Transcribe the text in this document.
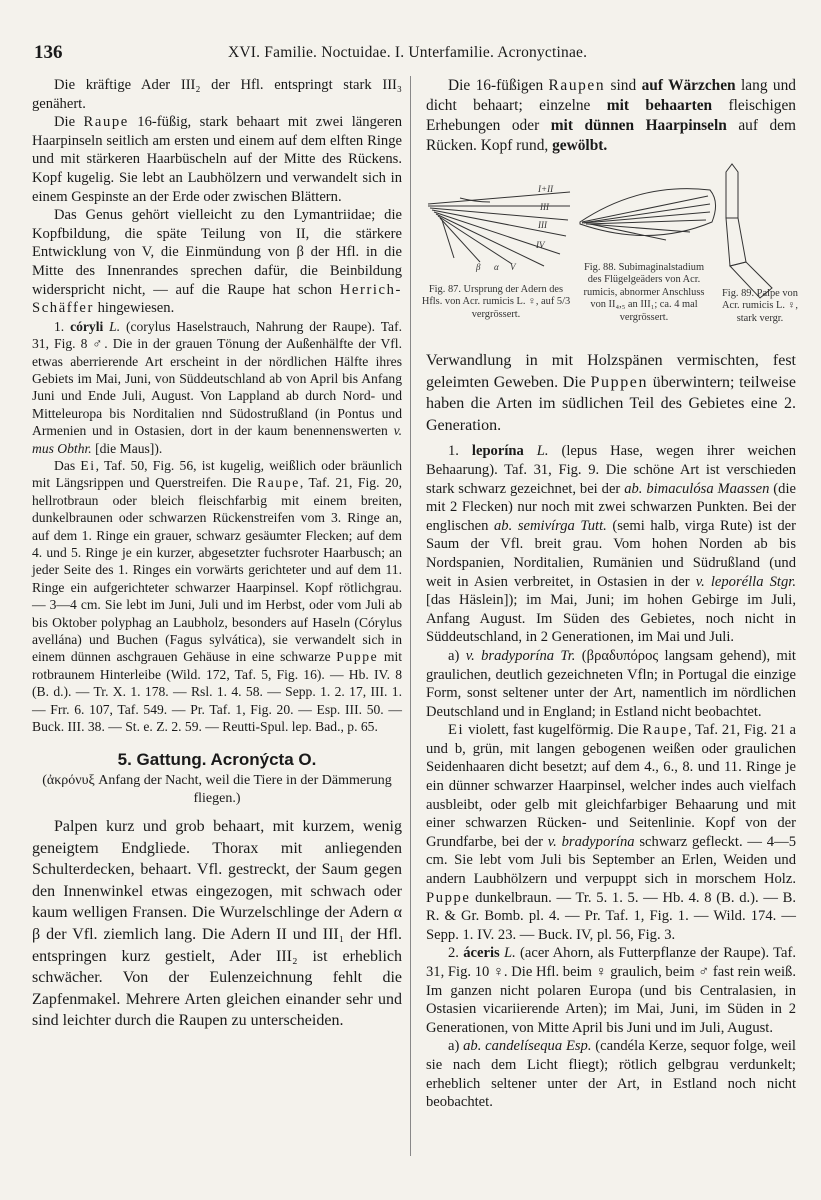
136	XVI. Familie. Noctuidae. I. Unterfamilie. Acronyctinae.

Die kräftige Ader III₂ der Hfl. entspringt stark III₃ genähert.

Die Raupe 16-füßig, stark behaart mit zwei längeren Haarpinseln seitlich am ersten und einem auf dem elften Ringe und mit stärkeren Haarbüscheln auf der Mitte des Rückens. Kopf kugelig. Sie lebt an Laubhölzern und verwandelt sich in einem Gespinste an der Erde oder zwischen Blättern.

Das Genus gehört vielleicht zu den Lymantriidae; die Kopfbildung, die späte Teilung von II, die stärkere Entwicklung von V, die Einmündung von β der Hfl. in die Mitte des Innenrandes sprechen dafür, die Beinbildung widerspricht nicht, — auf die Raupe hat schon Herrich-Schäffer hingewiesen.

1. córyli L. (corylus Haselstrauch, Nahrung der Raupe). Taf. 31, Fig. 8 ♂. Die in der grauen Tönung der Außenhälfte der Vfl. etwas aberrierende Art erscheint in der nördlichen Hälfte ihres Gebiets im Mai, Juni, von Süddeutschland ab von April bis Anfang Juni und Ende Juli, August. Von Lappland ab durch Nord- und Mitteleuropa bis Norditalien nnd Südostrußland (in Pontus und Armenien und in Ostasien, dort in der kaum benennenswerten v. mus Obthr. [die Maus]).

Das Ei, Taf. 50, Fig. 56, ist kugelig, weißlich oder bräunlich mit Längsrippen und Querstreifen. Die Raupe, Taf. 21, Fig. 20, hellrotbraun oder bleich fleischfarbig mit einem breiten, dunkelbraunen oder schwarzen Rückenstreifen vom 3. Ringe an, auf dem 1. Ringe ein grauer, schwarz gesäumter Flecken; auf dem 4. und 5. Ringe je ein kurzer, abgesetzter fuchsroter Haarbusch; an jeder Seite des 1. Ringes ein vorwärts gerichteter und auf dem 11. Ringe ein aufgerichteter schwarzer Haarpinsel. Kopf rötlichgrau. — 3—4 cm. Sie lebt im Juni, Juli und im Herbst, oder vom Juli ab bis Oktober polyphag an Laubholz, besonders auf Haseln (Córylus avellána) und Buchen (Fagus sylvática), sie verwandelt sich in einem dünnen aschgrauen Gehäuse in eine schwarze Puppe mit rotbraunem Hinterleibe (Wild. 172, Taf. 5, Fig. 16). — Hb. IV. 8 (B. d.). — Tr. X. 1. 178. — Rsl. 1. 4. 58. — Sepp. 1. 2. 17, III. 1. — Frr. 6. 107, Taf. 549. — Pr. Taf. 1, Fig. 20. — Esp. III. 50. — Buck. III. 38. — St. e. Z. 2. 59. — Reutti-Spul. lep. Bad., p. 65.

5. Gattung. Acronýcta O.
(ἀκρόνυξ Anfang der Nacht, weil die Tiere in der Dämmerung fliegen.)

Palpen kurz und grob behaart, mit kurzem, wenig geneigtem Endgliede. Thorax mit anliegenden Schulterdecken, behaart. Vfl. gestreckt, der Saum gegen den Innenwinkel etwas eingezogen, mit schwach oder kaum welligen Fransen. Die Wurzelschlinge der Adern α β der Vfl. ziemlich lang. Die Adern II und III₁ der Hfl. entspringen kurz gestielt, Ader III₂ ist erheblich schwächer. Von der Eulenzeichnung fehlt die Zapfenmakel. Mehrere Arten gleichen einander sehr und sind leichter durch die Raupen zu unterscheiden.

Die 16-füßigen Raupen sind auf Wärzchen lang und dicht behaart; einzelne mit behaarten fleischigen Erhebungen oder mit dünnen Haarpinseln auf dem Rücken. Kopf rund, gewölbt.

I+II
III
III
IV
β α V
Fig. 87. Ursprung der Adern des Hfls. von Acr. rumicis L. ♀, auf 5/3 vergrössert.
Fig. 88. Subimaginalstadium des Flügelgeäders von Acr. rumicis, abnormer Anschluss von II₄,₅ an III₁; ca. 4 mal vergrössert.
Fig. 89. Palpe von Acr. rumicis L. ♀, stark vergr.

Verwandlung in mit Holzspänen vermischten, fest geleimten Geweben. Die Puppen überwintern; teilweise haben die Arten im südlichen Teil des Gebietes eine 2. Generation.

1. leporína L. (lepus Hase, wegen ihrer weichen Behaarung). Taf. 31, Fig. 9. Die schöne Art ist verschieden stark schwarz gezeichnet, bei der ab. bimaculósa Maassen (die mit 2 Flecken) nur noch mit zwei schwarzen Punkten. Bei der englischen ab. semivírga Tutt. (semi halb, virga Rute) ist der Saum der Vfl. breit grau. Vom hohen Norden ab bis Nordspanien, Norditalien, Rumänien und Südrußland (und weit in Asien verbreitet, in Ostasien in der v. leporélla Stgr. [das Häslein]); im Mai, Juni; im hohen Gebirge im Juli, Anfang August. Im Süden des Gebietes, noch nicht in Süddeutschland, in 2 Generationen, im Mai und Juli.

a) v. bradyporína Tr. (βραδυπόρος langsam gehend), mit graulichen, deutlich gezeichneten Vfln; in Portugal die einzige Form, sonst seltener unter der Art, namentlich im nördlichen Deutschland und in England; in Estland nicht beobachtet.

Ei violett, fast kugelförmig. Die Raupe, Taf. 21, Fig. 21 a und b, grün, mit langen gebogenen weißen oder graulichen Seidenhaaren dicht besetzt; auf dem 4., 6., 8. und 11. Ringe je ein dünner schwarzer Haarpinsel, welcher indes auch vielfach ausbleibt, oder gelb mit gleichfarbiger Behaarung und mit einer schwarzen Rücken- und Seitenlinie. Kopf von der Grundfarbe, bei der v. bradyporína schwarz gefleckt. — 4—5 cm. Sie lebt vom Juli bis September an Erlen, Weiden und andern Laubhölzern und verpuppt sich in morschem Holz. Puppe dunkelbraun. — Tr. 5. 1. 5. — Hb. 4. 8 (B. d.). — B. R. & Gr. Bomb. pl. 4. — Pr. Taf. 1, Fig. 1. — Wild. 174. — Sepp. 1. IV. 23. — Buck. IV, pl. 56, Fig. 3.

2. áceris L. (acer Ahorn, als Futterpflanze der Raupe). Taf. 31, Fig. 10 ♀. Die Hfl. beim ♀ graulich, beim ♂ fast rein weiß. Im ganzen nicht polaren Europa (und bis Centralasien, in Ostasien vicariierende Arten); im Mai, Juni, im Süden in 2 Generationen, von Mitte April bis Juni und im Juli, August.

a) ab. candelísequa Esp. (candéla Kerze, sequor folge, weil sie nach dem Licht fliegt); rötlich gelbgrau verdunkelt; erheblich seltener unter der Art, in Estland noch nicht beobachtet.
